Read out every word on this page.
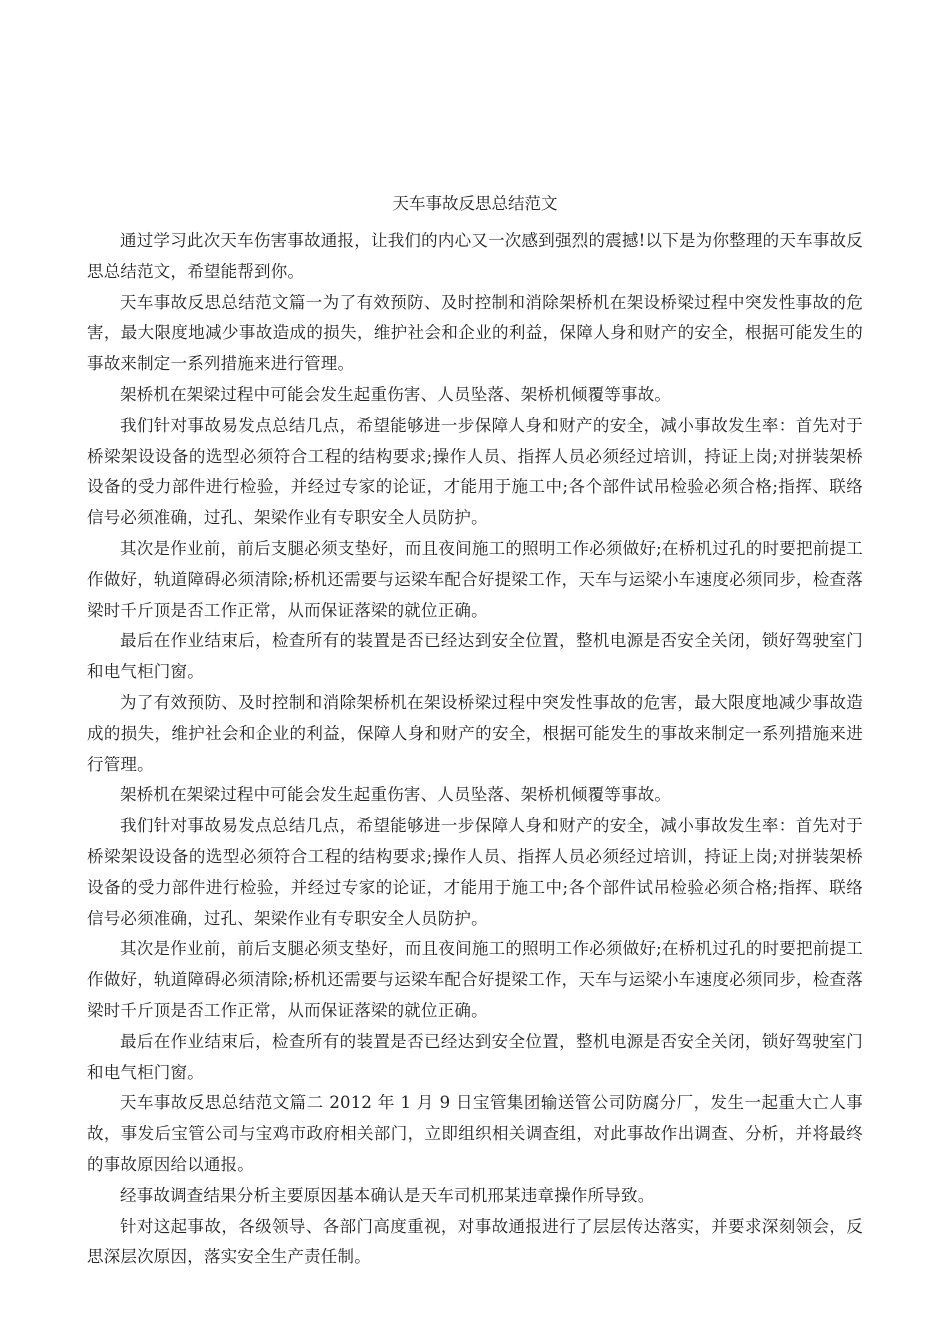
天车事故反思总结范文

通过学习此次天车伤害事故通报，让我们的内心又一次感到强烈的震撼!以下是为你整理的天车事故反思总结范文，希望能帮到你。

天车事故反思总结范文篇一为了有效预防、及时控制和消除架桥机在架设桥梁过程中突发性事故的危害，最大限度地减少事故造成的损失，维护社会和企业的利益，保障人身和财产的安全，根据可能发生的事故来制定一系列措施来进行管理。

架桥机在架梁过程中可能会发生起重伤害、人员坠落、架桥机倾覆等事故。

我们针对事故易发点总结几点，希望能够进一步保障人身和财产的安全，减小事故发生率：首先对于桥梁架设设备的选型必须符合工程的结构要求;操作人员、指挥人员必须经过培训，持证上岗;对拼装架桥设备的受力部件进行检验，并经过专家的论证，才能用于施工中;各个部件试吊检验必须合格;指挥、联络信号必须准确，过孔、架梁作业有专职安全人员防护。

其次是作业前，前后支腿必须支垫好，而且夜间施工的照明工作必须做好;在桥机过孔的时要把前提工作做好，轨道障碍必须清除;桥机还需要与运梁车配合好提梁工作，天车与运梁小车速度必须同步，检查落梁时千斤顶是否工作正常，从而保证落梁的就位正确。

最后在作业结束后，检查所有的装置是否已经达到安全位置，整机电源是否安全关闭，锁好驾驶室门和电气柜门窗。

为了有效预防、及时控制和消除架桥机在架设桥梁过程中突发性事故的危害，最大限度地减少事故造成的损失，维护社会和企业的利益，保障人身和财产的安全，根据可能发生的事故来制定一系列措施来进行管理。

架桥机在架梁过程中可能会发生起重伤害、人员坠落、架桥机倾覆等事故。

我们针对事故易发点总结几点，希望能够进一步保障人身和财产的安全，减小事故发生率：首先对于桥梁架设设备的选型必须符合工程的结构要求;操作人员、指挥人员必须经过培训，持证上岗;对拼装架桥设备的受力部件进行检验，并经过专家的论证，才能用于施工中;各个部件试吊检验必须合格;指挥、联络信号必须准确，过孔、架梁作业有专职安全人员防护。

其次是作业前，前后支腿必须支垫好，而且夜间施工的照明工作必须做好;在桥机过孔的时要把前提工作做好，轨道障碍必须清除;桥机还需要与运梁车配合好提梁工作，天车与运梁小车速度必须同步，检查落梁时千斤顶是否工作正常，从而保证落梁的就位正确。

最后在作业结束后，检查所有的装置是否已经达到安全位置，整机电源是否安全关闭，锁好驾驶室门和电气柜门窗。

天车事故反思总结范文篇二 2012 年 1 月 9 日宝管集团输送管公司防腐分厂，发生一起重大亡人事故，事发后宝管公司与宝鸡市政府相关部门，立即组织相关调查组，对此事故作出调查、分析，并将最终的事故原因给以通报。

经事故调查结果分析主要原因基本确认是天车司机邢某违章操作所导致。

针对这起事故，各级领导、各部门高度重视，对事故通报进行了层层传达落实，并要求深刻领会，反思深层次原因，落实安全生产责任制。
